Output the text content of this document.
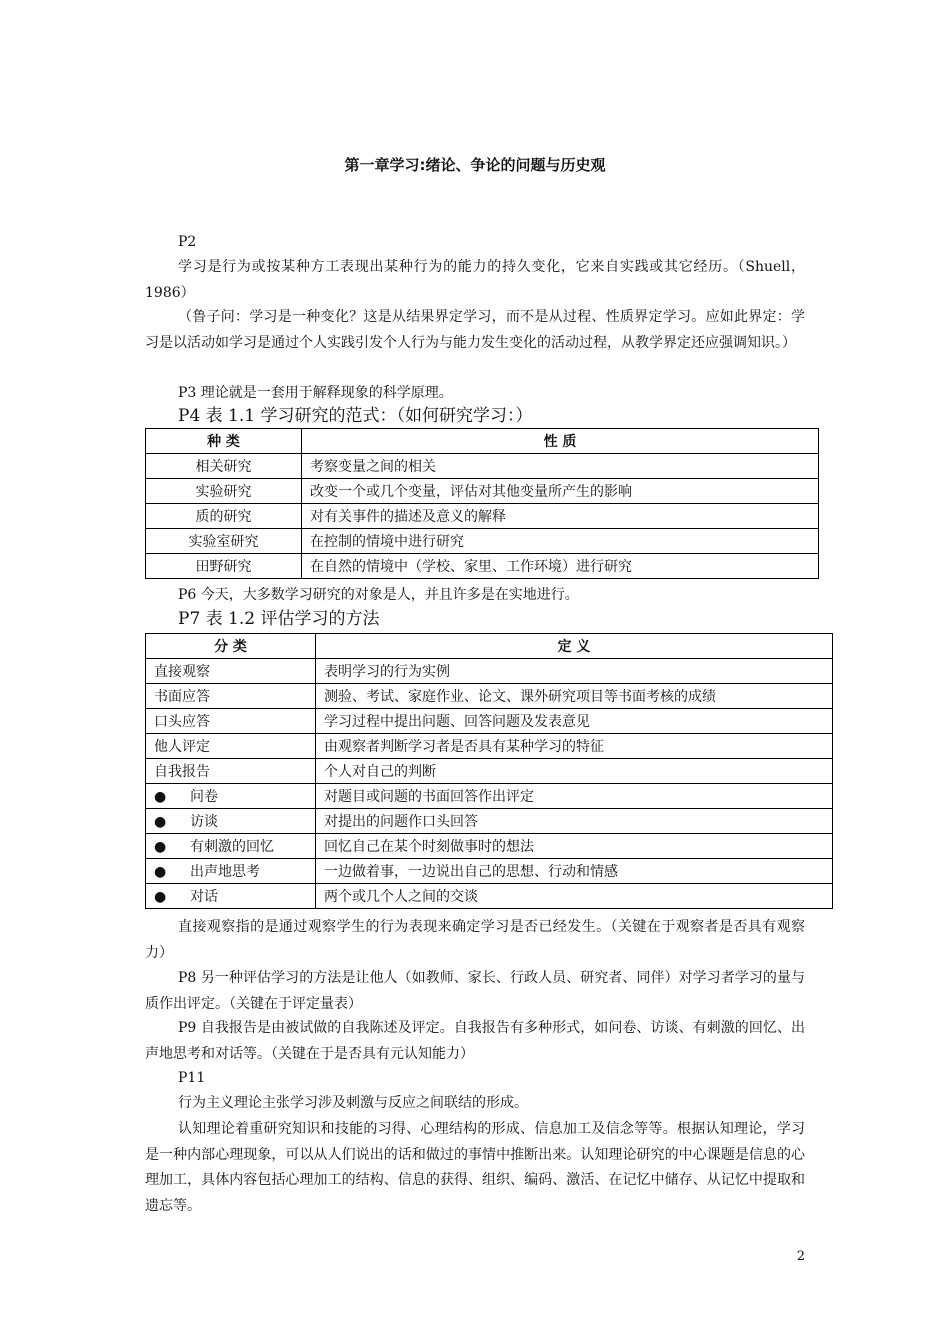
第一章学习:绪论、争论的问题与历史观
P2
学习是行为或按某种方工表现出某种行为的能力的持久变化，它来自实践或其它经历。（Shuell，1986）
（鲁子问：学习是一种变化？这是从结果界定学习，而不是从过程、性质界定学习。应如此界定：学习是以活动如学习是通过个人实践引发个人行为与能力发生变化的活动过程，从教学界定还应强调知识。）
P3 理论就是一套用于解释现象的科学原理。
P4 表 1.1 学习研究的范式：（如何研究学习：）
种 类	性 质
相关研究	考察变量之间的相关
实验研究	改变一个或几个变量，评估对其他变量所产生的影响
质的研究	对有关事件的描述及意义的解释
实验室研究	在控制的情境中进行研究
田野研究	在自然的情境中（学校、家里、工作环境）进行研究
P6 今天，大多数学习研究的对象是人，并且许多是在实地进行。
P7 表 1.2 评估学习的方法
分 类	定 义
直接观察	表明学习的行为实例
书面应答	测验、考试、家庭作业、论文、课外研究项目等书面考核的成绩
口头应答	学习过程中提出问题、回答问题及发表意见
他人评定	由观察者判断学习者是否具有某种学习的特征
自我报告	个人对自己的判断
● 问卷	对题目或问题的书面回答作出评定
● 访谈	对提出的问题作口头回答
● 有刺激的回忆	回忆自己在某个时刻做事时的想法
● 出声地思考	一边做着事，一边说出自己的思想、行动和情感
● 对话	两个或几个人之间的交谈
直接观察指的是通过观察学生的行为表现来确定学习是否已经发生。（关键在于观察者是否具有观察力）
P8 另一种评估学习的方法是让他人（如教师、家长、行政人员、研究者、同伴）对学习者学习的量与质作出评定。（关键在于评定量表）
P9 自我报告是由被试做的自我陈述及评定。自我报告有多种形式，如问卷、访谈、有刺激的回忆、出声地思考和对话等。（关键在于是否具有元认知能力）
P11
行为主义理论主张学习涉及刺激与反应之间联结的形成。
认知理论着重研究知识和技能的习得、心理结构的形成、信息加工及信念等等。根据认知理论，学习是一种内部心理现象，可以从人们说出的话和做过的事情中推断出来。认知理论研究的中心课题是信息的心理加工，具体内容包括心理加工的结构、信息的获得、组织、编码、激活、在记忆中储存、从记忆中提取和遗忘等。
2
